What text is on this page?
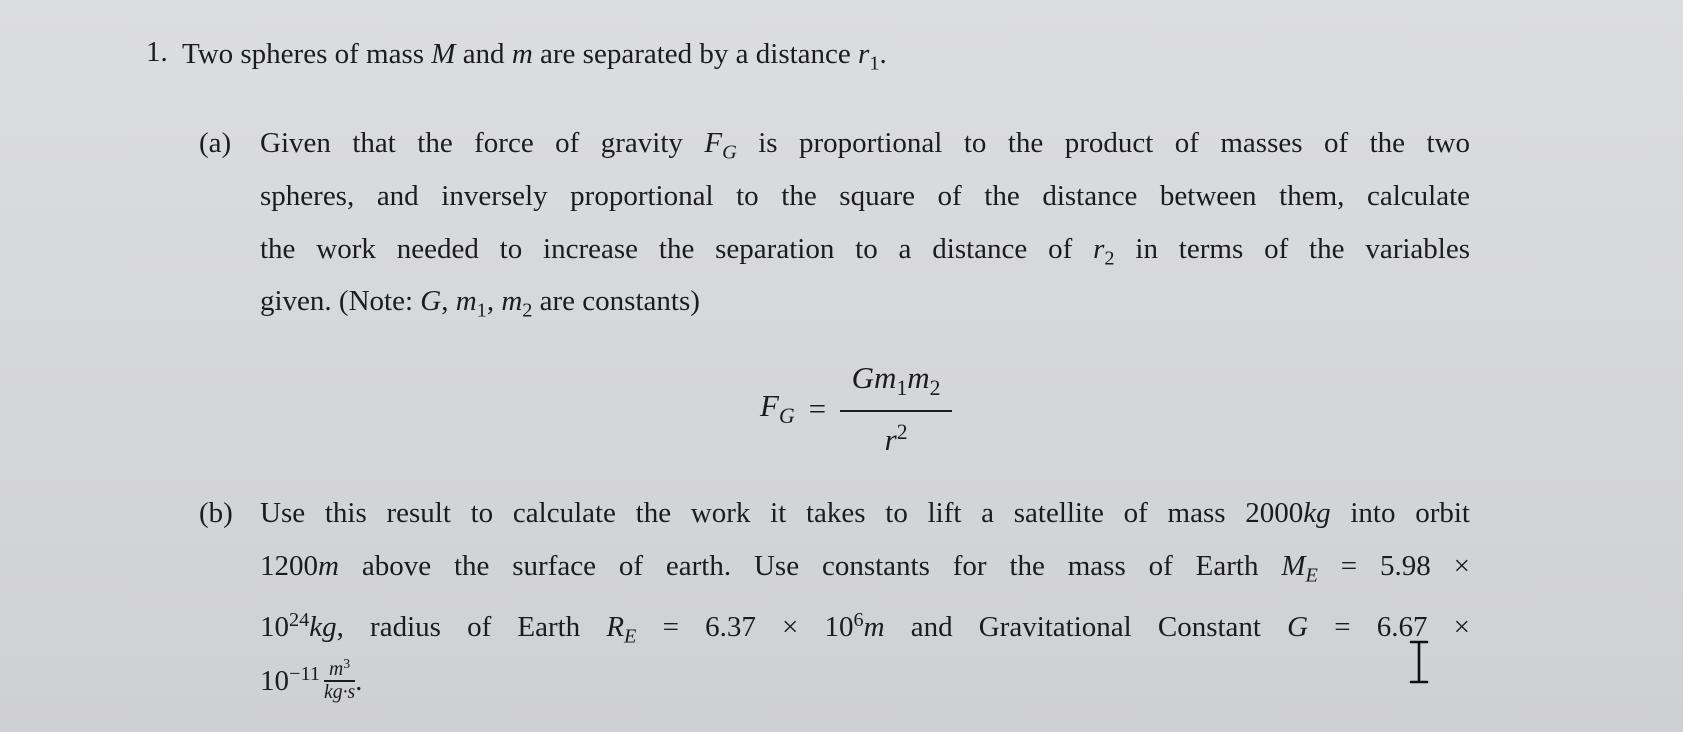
1. Two spheres of mass M and m are separated by a distance $r_1$.
(a) Given that the force of gravity $F_G$ is proportional to the product of masses of the two
spheres, and inversely proportional to the square of the distance between them, calculate
the work needed to increase the separation to a distance of $r_2$ in terms of the variables
given. (Note: G, $m_1$, $m_2$ are constants)
$F_G = \frac{Gm_1m_2}{r^2}$
(b) Use this result to calculate the work it takes to lift a satellite of mass 2000kg into orbit
1200m above the surface of earth. Use constants for the mass of Earth $M_E = 5.98$ ×
$10^{24}kg$, radius of Earth $R_E = 6.37 \times 10^6m$ and Gravitational Constant G = 6.67 ×
$10^{-11} \frac{m^3}{kg\cdot s}$ .
